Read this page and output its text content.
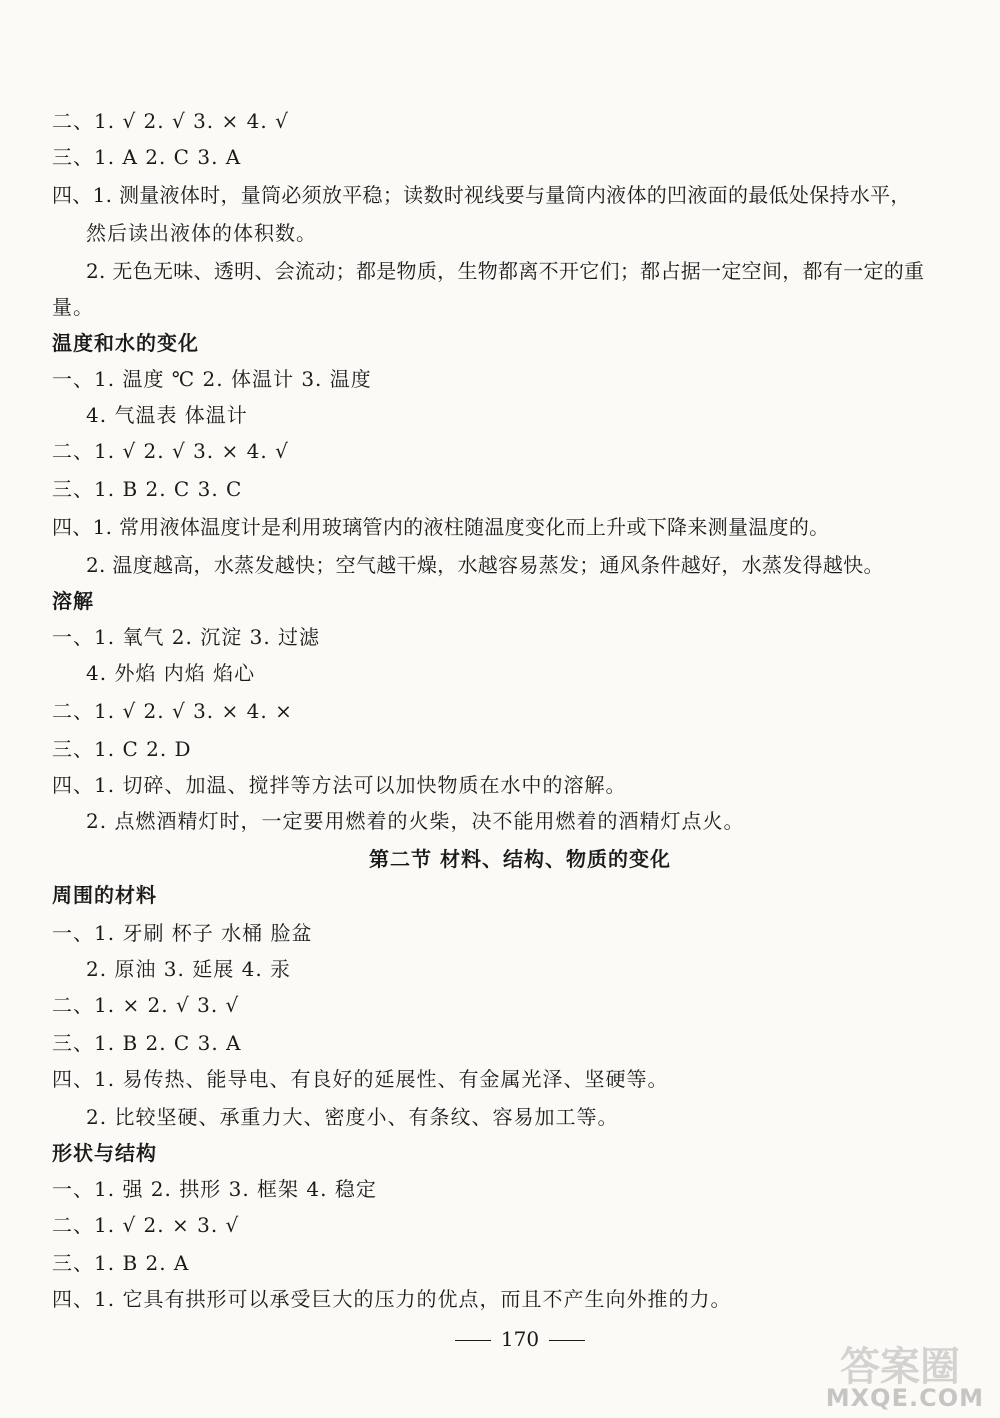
二、1. √ 2. √ 3. × 4. √
三、1. A 2. C 3. A
四、1. 测量液体时，量筒必须放平稳；读数时视线要与量筒内液体的凹液面的最低处保持水平，
然后读出液体的体积数。
2. 无色无味、透明、会流动；都是物质，生物都离不开它们；都占据一定空间，都有一定的重
量。
温度和水的变化
一、1. 温度 ℃ 2. 体温计 3. 温度
4. 气温表 体温计
二、1. √ 2. √ 3. × 4. √
三、1. B 2. C 3. C
四、1. 常用液体温度计是利用玻璃管内的液柱随温度变化而上升或下降来测量温度的。
2. 温度越高，水蒸发越快；空气越干燥，水越容易蒸发；通风条件越好，水蒸发得越快。
溶解
一、1. 氧气 2. 沉淀 3. 过滤
4. 外焰 内焰 焰心
二、1. √ 2. √ 3. × 4. ×
三、1. C 2. D
四、1. 切碎、加温、搅拌等方法可以加快物质在水中的溶解。
2. 点燃酒精灯时，一定要用燃着的火柴，决不能用燃着的酒精灯点火。
第二节 材料、结构、物质的变化
周围的材料
一、1. 牙刷 杯子 水桶 脸盆
2. 原油 3. 延展 4. 汞
二、1. × 2. √ 3. √
三、1. B 2. C 3. A
四、1. 易传热、能导电、有良好的延展性、有金属光泽、坚硬等。
2. 比较坚硬、承重力大、密度小、有条纹、容易加工等。
形状与结构
一、1. 强 2. 拱形 3. 框架 4. 稳定
二、1. √ 2. × 3. √
三、1. B 2. A
四、1. 它具有拱形可以承受巨大的压力的优点，而且不产生向外推的力。
170
答案圈
MXQE.COM
